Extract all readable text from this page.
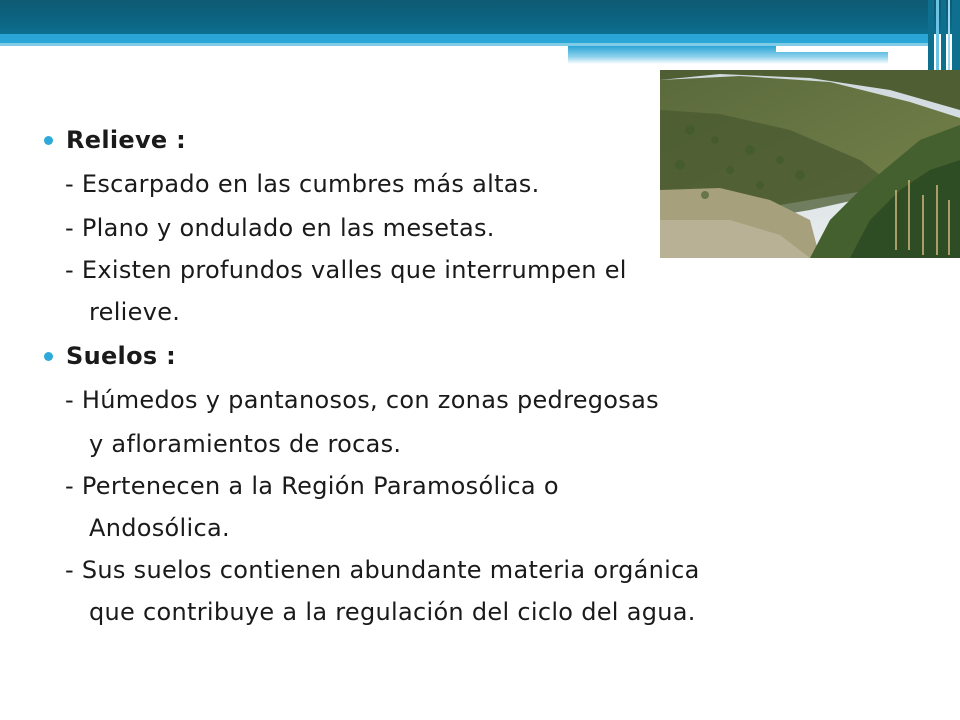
Relieve :
- Escarpado en las cumbres más altas.
- Plano y ondulado en las mesetas.
- Existen profundos valles que interrumpen el
relieve.
Suelos :
- Húmedos y pantanosos, con zonas pedregosas
y afloramientos de rocas.
- Pertenecen a la Región Paramosólica o
Andosólica.
- Sus suelos contienen abundante materia orgánica
que contribuye a la regulación del ciclo del agua.
